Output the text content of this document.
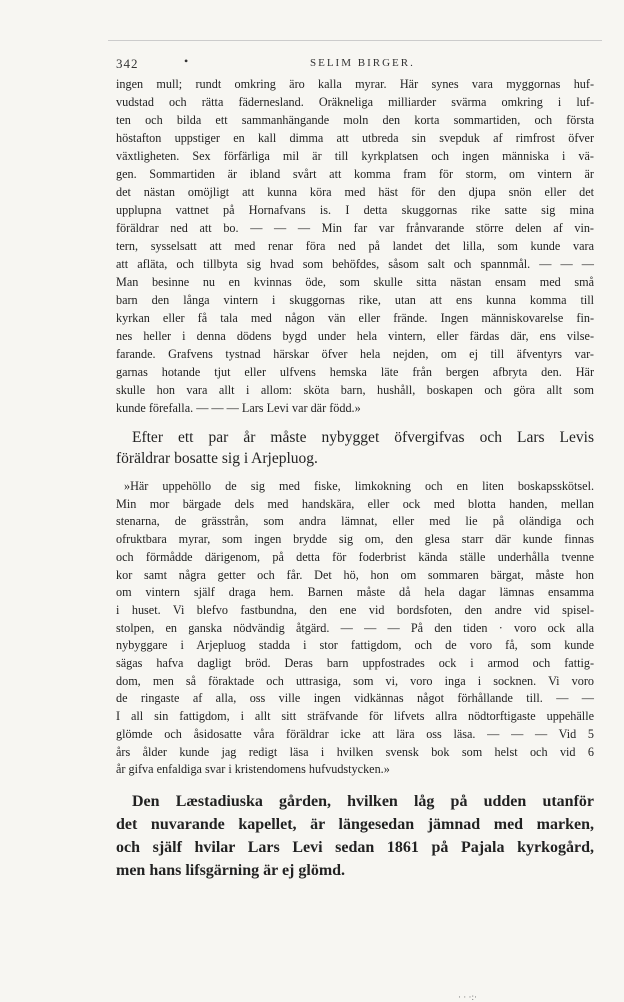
342	•	SELIM BIRGER.
ingen mull; rundt omkring äro kalla myrar. Här synes vara myggornas huf-
vudstad och rätta fädernesland. Oräkneliga milliarder svärma omkring i luf-
ten och bilda ett sammanhängande moln den korta sommartiden, och första
höstafton uppstiger en kall dimma att utbreda sin svepduk af rimfrost öfver
växtligheten. Sex förfärliga mil är till kyrkplatsen och ingen människa i vä-
gen. Sommartiden är ibland svårt att komma fram för storm, om vintern är
det nästan omöjligt att kunna köra med häst för den djupa snön eller det
upplupna vattnet på Hornafvans is. I detta skuggornas rike satte sig mina
föräldrar ned att bo. — — — Min far var frånvarande större delen af vin-
tern, sysselsatt att med renar föra ned på landet det lilla, som kunde vara
att afläta, och tillbyta sig hvad som behöfdes, såsom salt och spannmål. — — —
Man besinne nu en kvinnas öde, som skulle sitta nästan ensam med små
barn den långa vintern i skuggornas rike, utan att ens kunna komma till
kyrkan eller få tala med någon vän eller frände. Ingen människovarelse fin-
nes heller i denna dödens bygd under hela vintern, eller färdas där, ens vilse-
farande. Grafvens tystnad härskar öfver hela nejden, om ej till äfventyrs var-
garnas hotande tjut eller ulfvens hemska läte från bergen afbryta den. Här
skulle hon vara allt i allom: sköta barn, hushåll, boskapen och göra allt som
kunde förefalla. — — — Lars Levi var där född.»
Efter ett par år måste nybygget öfvergifvas och Lars Levis
föräldrar bosatte sig i Arjepluog.
»Här uppehöllo de sig med fiske, limkokning och en liten boskapsskötsel.
Min mor bärgade dels med handskära, eller ock med blotta handen, mellan
stenarna, de grässtrån, som andra lämnat, eller med lie på oländiga och
ofruktbara myrar, som ingen brydde sig om, den glesa starr där kunde finnas
och förmådde därigenom, på detta för foderbrist kända ställe underhålla tvenne
kor samt några getter och får. Det hö, hon om sommaren bärgat, måste hon
om vintern själf draga hem. Barnen måste då hela dagar lämnas ensamma
i huset. Vi blefvo fastbundna, den ene vid bordsfoten, den andre vid spisel-
stolpen, en ganska nödvändig åtgärd. — — — På den tiden · voro ock alla
nybyggare i Arjepluog stadda i stor fattigdom, och de voro få, som kunde
sägas hafva dagligt bröd. Deras barn uppfostrades ock i armod och fattig-
dom, men så föraktade och uttrasiga, som vi, voro inga i socknen. Vi voro
de ringaste af alla, oss ville ingen vidkännas något förhållande till. — —
I all sin fattigdom, i allt sitt sträfvande för lifvets allra nödtorftigaste uppehälle
glömde och åsidosatte våra föräldrar icke att lära oss läsa. — — — Vid 5
års ålder kunde jag redigt läsa i hvilken svensk bok som helst och vid 6
år gifva enfaldiga svar i kristendomens hufvudstycken.»
Den Læstadiuska gården, hvilken låg på udden utanför
det nuvarande kapellet, är längesedan jämnad med marken,
och själf hvilar Lars Levi sedan 1861 på Pajala kyrkogård,
men hans lifsgärning är ej glömd.
· · ·:·
